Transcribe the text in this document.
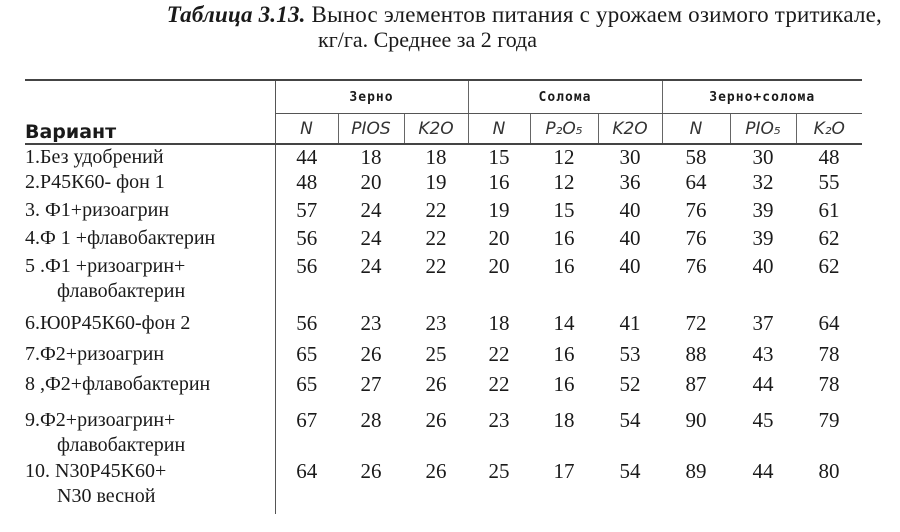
Таблица 3.13. Вынос элементов питания с урожаем озимого тритикале,
кг/га. Среднее за 2 года
Вариант	Зерно			Солома			Зерно+солома		
	N	PIOS	K2O	N	P₂O₅	K2O	N	PIO₅	K₂O

1.Без удобрений	44	18	18	15	12	30	58	30	48

2.Р45К60- фон 1	48	20	19	16	12	36	64	32	55

3. Ф1+ризоагрин	57	24	22	19	15	40	76	39	61

4.Ф 1 +флавобактерин	56	24	22	20	16	40	76	39	62

5 .Ф1 +ризоагрин+
флавобактерин	56	24	22	20	16	40	76	40	62

6.Ю0Р45К60-фон 2	56	23	23	18	14	41	72	37	64

7.Ф2+ризоагрин	65	26	25	22	16	53	88	43	78

8 ,Ф2+флавобактерин	65	27	26	22	16	52	87	44	78

9.Ф2+ризоагрин+
флавобактерин	67	28	26	23	18	54	90	45	79

10. N30P45K60+
N30 весной	64	26	26	25	17	54	89	44	80
